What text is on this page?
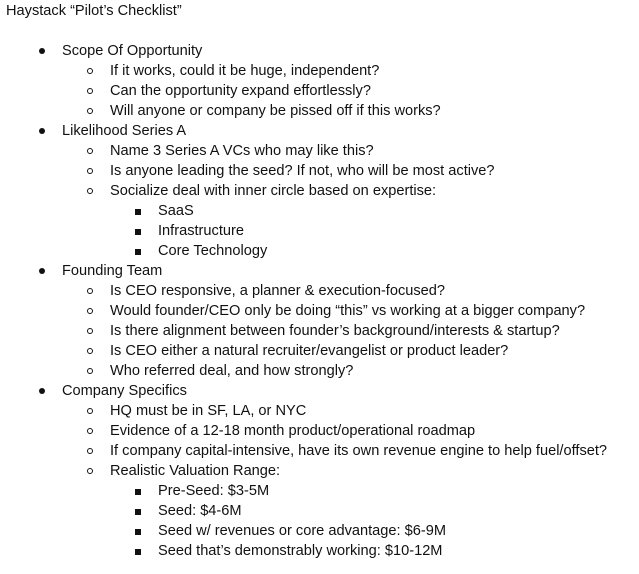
Haystack “Pilot’s Checklist”
Scope Of Opportunity
If it works, could it be huge, independent?
Can the opportunity expand effortlessly?
Will anyone or company be pissed off if this works?
Likelihood Series A
Name 3 Series A VCs who may like this?
Is anyone leading the seed? If not, who will be most active?
Socialize deal with inner circle based on expertise:
SaaS
Infrastructure
Core Technology
Founding Team
Is CEO responsive, a planner & execution-focused?
Would founder/CEO only be doing “this” vs working at a bigger company?
Is there alignment between founder’s background/interests & startup?
Is CEO either a natural recruiter/evangelist or product leader?
Who referred deal, and how strongly?
Company Specifics
HQ must be in SF, LA, or NYC
Evidence of a 12-18 month product/operational roadmap
If company capital-intensive, have its own revenue engine to help fuel/offset?
Realistic Valuation Range:
Pre-Seed: $3-5M
Seed: $4-6M
Seed w/ revenues or core advantage: $6-9M
Seed that’s demonstrably working: $10-12M
